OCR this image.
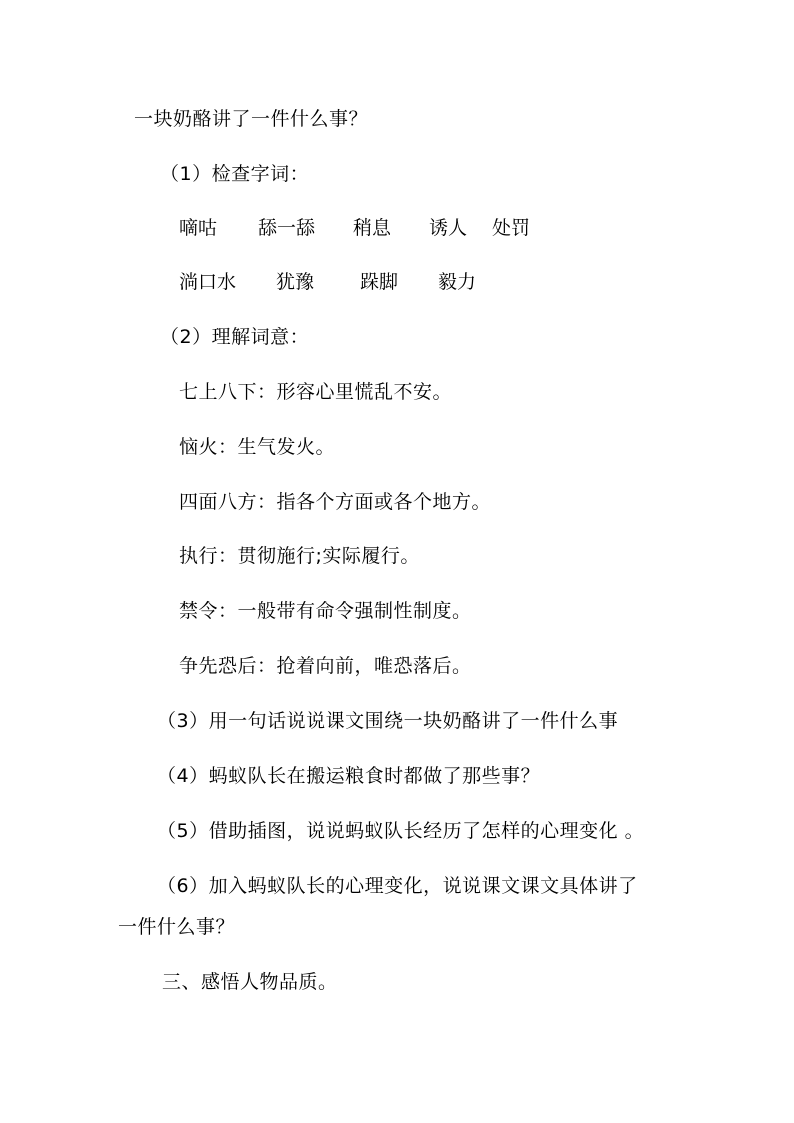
一块奶酪讲了一件什么事？
（1）检查字词：
嘀咕 舔一舔 稍息 诱人 处罚
淌口水 犹豫 跺脚 毅力
（2）理解词意：
七上八下：形容心里慌乱不安。
恼火：生气发火。
四面八方：指各个方面或各个地方。
执行：贯彻施行;实际履行。
禁令：一般带有命令强制性制度。
争先恐后：抢着向前，唯恐落后。
（3）用一句话说说课文围绕一块奶酪讲了一件什么事
（4）蚂蚁队长在搬运粮食时都做了那些事？
（5）借助插图，说说蚂蚁队长经历了怎样的心理变化 。
（6）加入蚂蚁队长的心理变化，说说课文课文具体讲了
一件什么事？
三、感悟人物品质。
